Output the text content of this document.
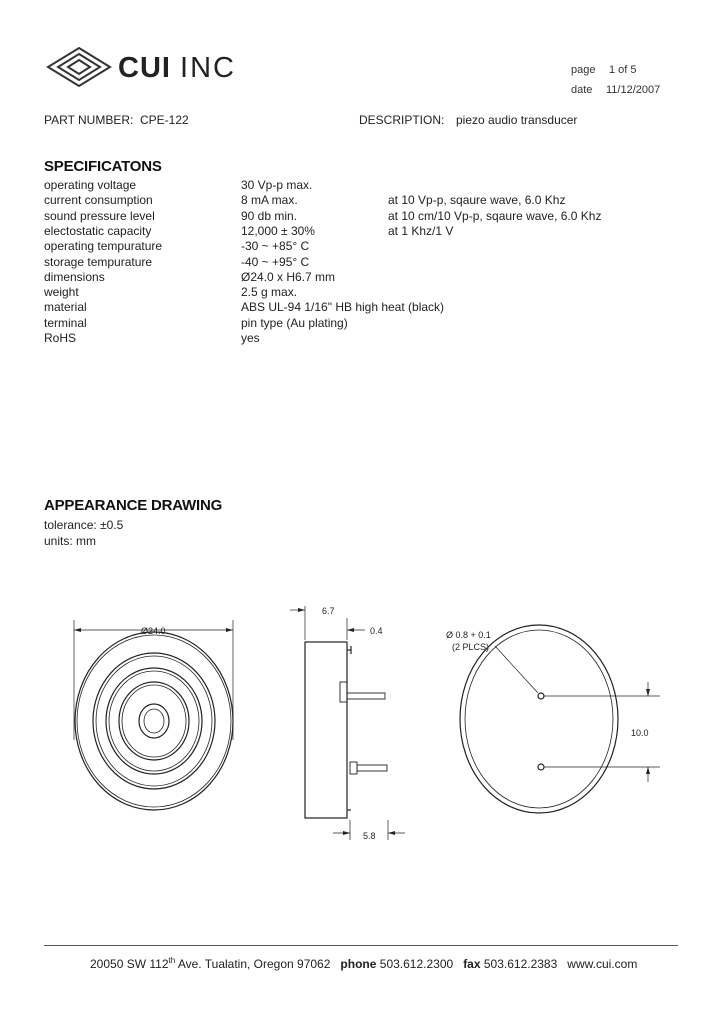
CUI INC	page 1 of 5
date 11/12/2007
PART NUMBER: CPE-122	DESCRIPTION: piezo audio transducer
SPECIFICATONS
operating voltage	30 Vp-p max.
current consumption	8 mA max.	at 10 Vp-p, sqaure wave, 6.0 Khz
sound pressure level	90 db min.	at 10 cm/10 Vp-p, sqaure wave, 6.0 Khz
electostatic capacity	12,000 ± 30%	at 1 Khz/1 V
operating tempurature	-30 ~ +85° C
storage tempurature	-40 ~ +95° C
dimensions	Ø24.0 x H6.7 mm
weight	2.5 g max.
material	ABS UL-94 1/16" HB high heat (black)
terminal	pin type (Au plating)
RoHS	yes
APPEARANCE DRAWING
tolerance: ±0.5
units: mm
Ø24.0
6.7
0.4
5.8
Ø 0.8 + 0.1
(2 PLCS)
10.0
20050 SW 112th Ave. Tualatin, Oregon 97062 phone 503.612.2300 fax 503.612.2383 www.cui.com
